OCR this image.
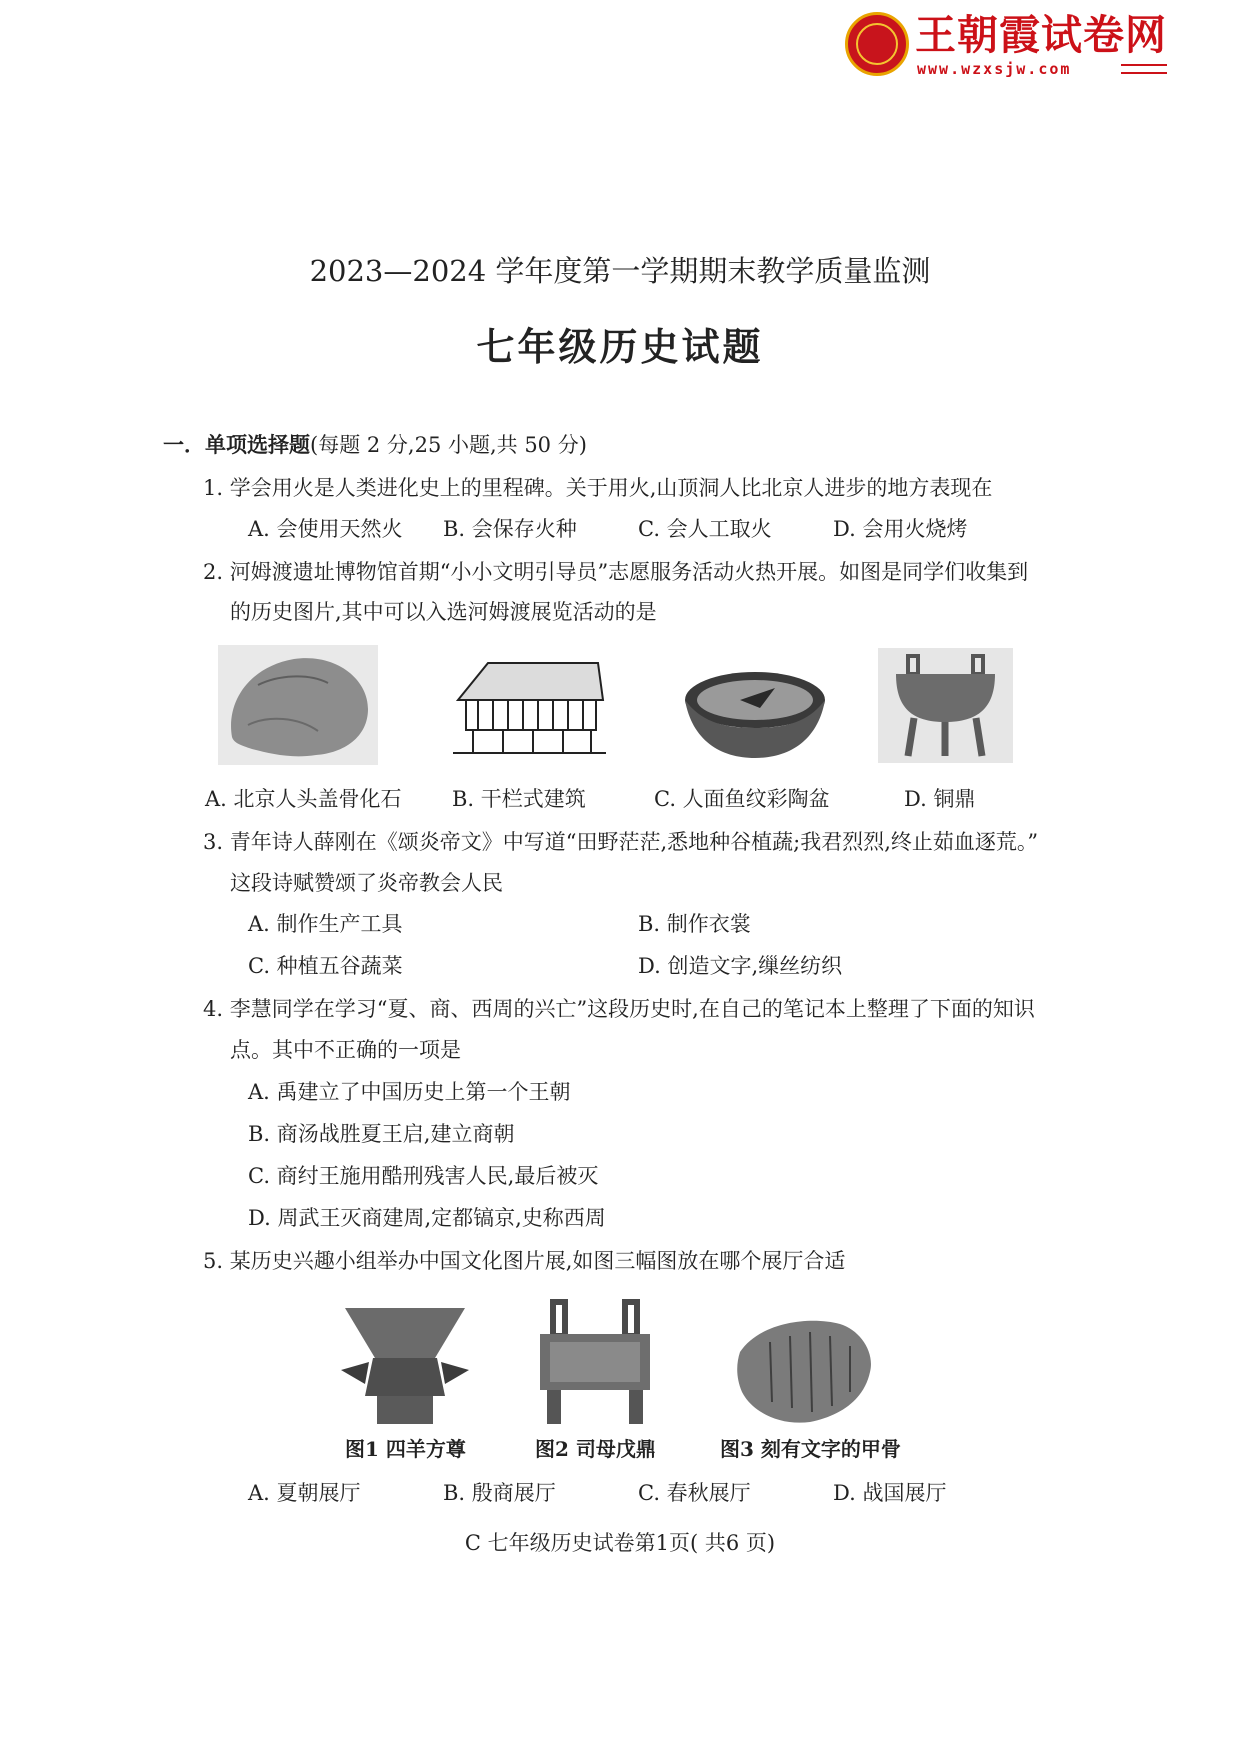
王朝霞试卷网
www.wzxsjw.com
2023—2024 学年度第一学期期末教学质量监测
七年级历史试题
一．单项选择题(每题 2 分,25 小题,共 50 分)
1. 学会用火是人类进化史上的里程碑。关于用火,山顶洞人比北京人进步的地方表现在
A. 会使用天然火 B. 会保存火种	C. 会人工取火	D. 会用火烧烤
2. 河姆渡遗址博物馆首期“小小文明引导员”志愿服务活动火热开展。如图是同学们收集到
的历史图片,其中可以入选河姆渡展览活动的是
A. 北京人头盖骨化石 B. 干栏式建筑	C. 人面鱼纹彩陶盆	D. 铜鼎
3. 青年诗人薛刚在《颂炎帝文》中写道“田野茫茫,悉地种谷植蔬;我君烈烈,终止茹血逐荒。”
这段诗赋赞颂了炎帝教会人民
A. 制作生产工具	B. 制作衣裳
C. 种植五谷蔬菜	D. 创造文字,缫丝纺织
4. 李慧同学在学习“夏、商、西周的兴亡”这段历史时,在自己的笔记本上整理了下面的知识
点。其中不正确的一项是
A. 禹建立了中国历史上第一个王朝
B. 商汤战胜夏王启,建立商朝
C. 商纣王施用酷刑残害人民,最后被灭
D. 周武王灭商建周,定都镐京,史称西周
5. 某历史兴趣小组举办中国文化图片展,如图三幅图放在哪个展厅合适
图1 四羊方尊	图2 司母戊鼎	图3 刻有文字的甲骨
A. 夏朝展厅	B. 殷商展厅	C. 春秋展厅	D. 战国展厅
C 七年级历史试卷第1页( 共6 页)
